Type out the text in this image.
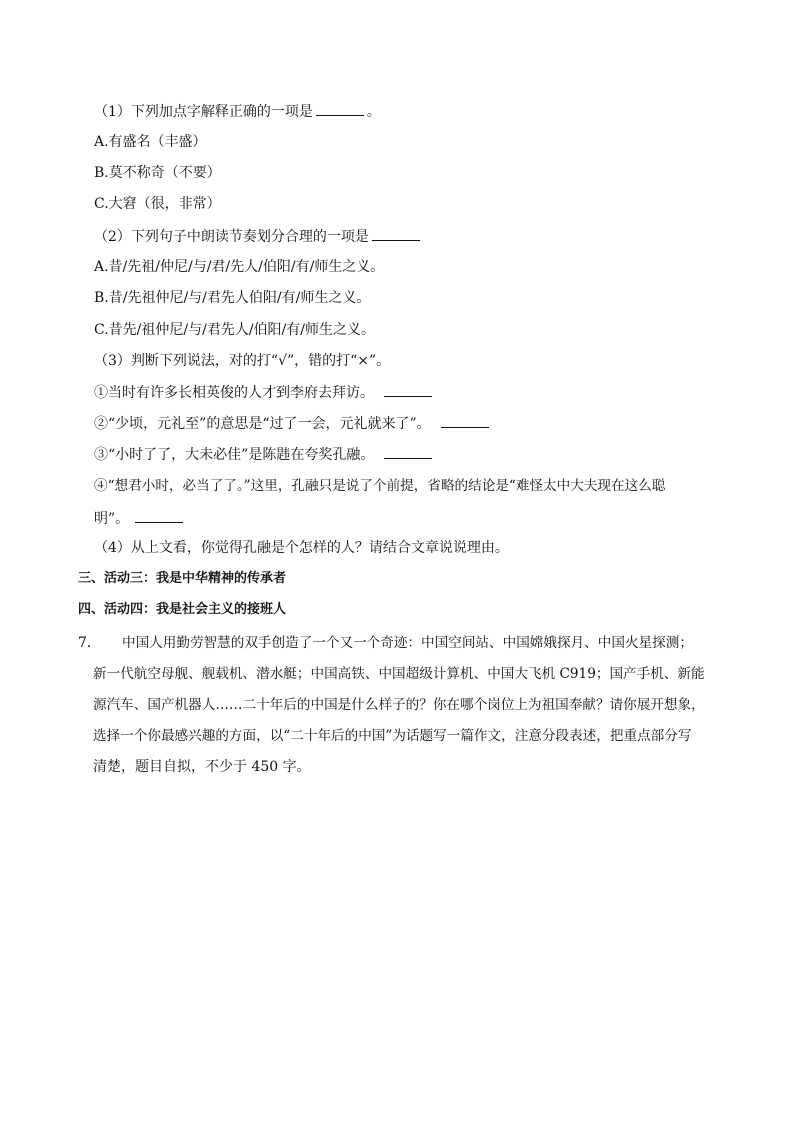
（1）下列加点字解释正确的一项是	。
A.有盛名（丰盛）
B.莫不称奇（不要）
C.大窘（很，非常）
（2）下列句子中朗读节奏划分合理的一项是
A.昔/先祖/仲尼/与/君/先人/伯阳/有/师生之义。
B.昔/先祖仲尼/与/君先人伯阳/有/师生之义。
C.昔先/祖仲尼/与/君先人/伯阳/有/师生之义。
（3）判断下列说法，对的打“√”，错的打“×”。
①当时有许多长相英俊的人才到李府去拜访。
②“少顷，元礼至”的意思是“过了一会，元礼就来了”。
③“小时了了，大未必佳”是陈韪在夸奖孔融。
④“想君小时，必当了了。”这里，孔融只是说了个前提，省略的结论是“难怪太中大夫现在这么聪
明”。
（4）从上文看，你觉得孔融是个怎样的人？请结合文章说说理由。
三、活动三：我是中华精神的传承者
四、活动四：我是社会主义的接班人
7． 中国人用勤劳智慧的双手创造了一个又一个奇迹：中国空间站、中国嫦娥探月、中国火星探测；
新一代航空母舰、舰载机、潜水艇；中国高铁、中国超级计算机、中国大飞机 C919；国产手机、新能
源汽车、国产机器人……二十年后的中国是什么样子的？你在哪个岗位上为祖国奉献？请你展开想象，
选择一个你最感兴趣的方面，以“二十年后的中国”为话题写一篇作文，注意分段表述，把重点部分写
清楚，题目自拟，不少于 450 字。
